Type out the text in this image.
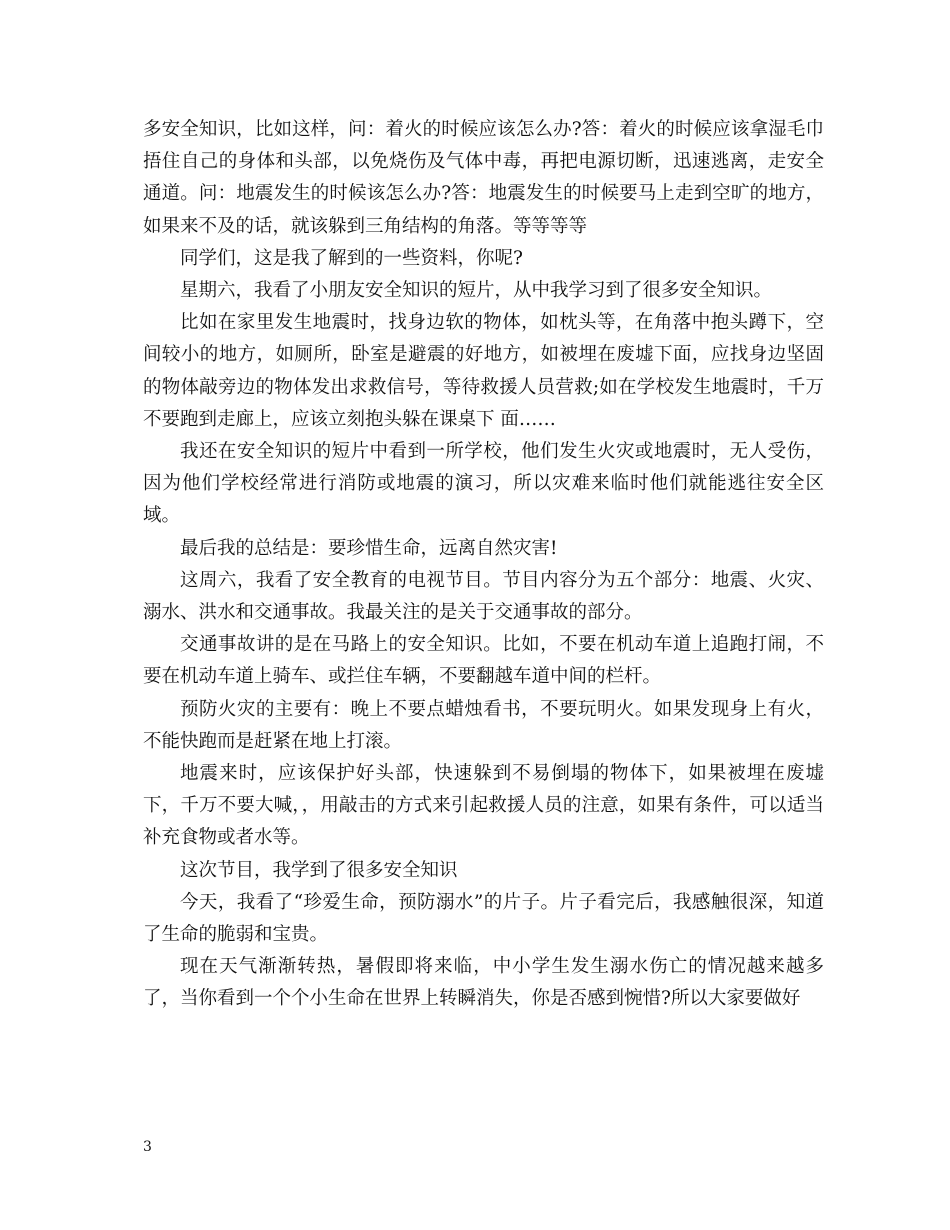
多安全知识，比如这样，问：着火的时候应该怎么办?答：着火的时候应该拿湿毛巾捂住自己的身体和头部，以免烧伤及气体中毒，再把电源切断，迅速逃离，走安全通道。问：地震发生的时候该怎么办?答：地震发生的时候要马上走到空旷的地方，如果来不及的话，就该躲到三角结构的角落。等等等等

同学们，这是我了解到的一些资料，你呢?

星期六，我看了小朋友安全知识的短片，从中我学习到了很多安全知识。

比如在家里发生地震时，找身边软的物体，如枕头等，在角落中抱头蹲下，空间较小的地方，如厕所，卧室是避震的好地方，如被埋在废墟下面，应找身边坚固的物体敲旁边的物体发出求救信号，等待救援人员营救;如在学校发生地震时，千万不要跑到走廊上，应该立刻抱头躲在课桌下 面……

我还在安全知识的短片中看到一所学校，他们发生火灾或地震时，无人受伤，因为他们学校经常进行消防或地震的演习，所以灾难来临时他们就能逃往安全区域。

最后我的总结是：要珍惜生命，远离自然灾害!

这周六，我看了安全教育的电视节目。节目内容分为五个部分：地震、火灾、溺水、洪水和交通事故。我最关注的是关于交通事故的部分。

交通事故讲的是在马路上的安全知识。比如，不要在机动车道上追跑打闹，不要在机动车道上骑车、或拦住车辆，不要翻越车道中间的栏杆。

预防火灾的主要有：晚上不要点蜡烛看书，不要玩明火。如果发现身上有火，不能快跑而是赶紧在地上打滚。

地震来时，应该保护好头部，快速躲到不易倒塌的物体下，如果被埋在废墟下，千万不要大喊，，用敲击的方式来引起救援人员的注意，如果有条件，可以适当补充食物或者水等。

这次节目，我学到了很多安全知识

今天，我看了“珍爱生命，预防溺水”的片子。片子看完后，我感触很深，知道了生命的脆弱和宝贵。

现在天气渐渐转热，暑假即将来临，中小学生发生溺水伤亡的情况越来越多了，当你看到一个个小生命在世界上转瞬消失，你是否感到惋惜?所以大家要做好

3
